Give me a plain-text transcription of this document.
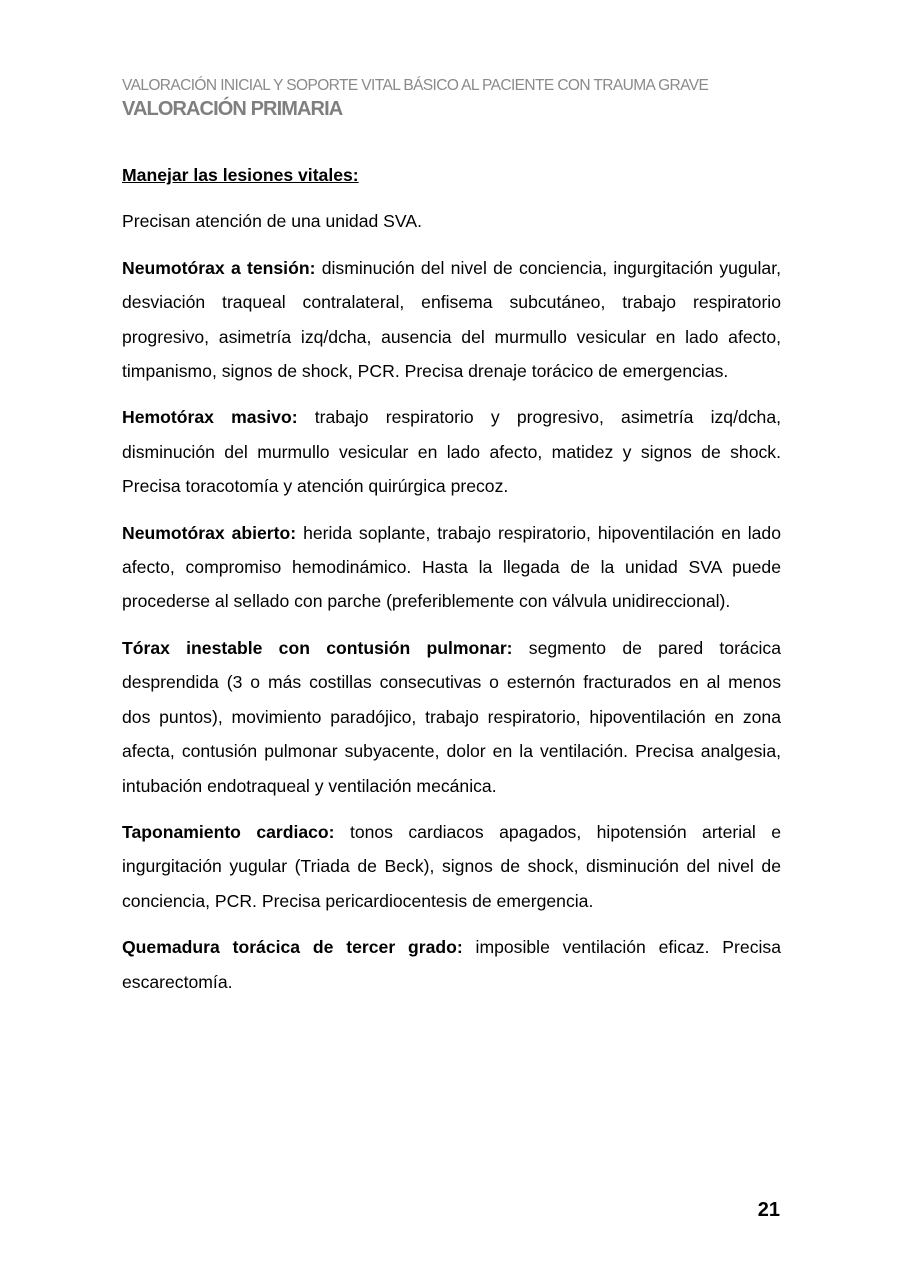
VALORACIÓN INICIAL Y SOPORTE VITAL BÁSICO AL PACIENTE CON TRAUMA GRAVE
VALORACIÓN PRIMARIA
Manejar las lesiones vitales:

Precisan atención de una unidad SVA.

Neumotórax a tensión: disminución del nivel de conciencia, ingurgitación yugular, desviación traqueal contralateral, enfisema subcutáneo, trabajo respiratorio progresivo, asimetría izq/dcha, ausencia del murmullo vesicular en lado afecto, timpanismo, signos de shock, PCR. Precisa drenaje torácico de emergencias.

Hemotórax masivo: trabajo respiratorio y progresivo, asimetría izq/dcha, disminución del murmullo vesicular en lado afecto, matidez y signos de shock. Precisa toracotomía y atención quirúrgica precoz.

Neumotórax abierto: herida soplante, trabajo respiratorio, hipoventilación en lado afecto, compromiso hemodinámico. Hasta la llegada de la unidad SVA puede procederse al sellado con parche (preferiblemente con válvula unidireccional).

Tórax inestable con contusión pulmonar: segmento de pared torácica desprendida (3 o más costillas consecutivas o esternón fracturados en al menos dos puntos), movimiento paradójico, trabajo respiratorio, hipoventilación en zona afecta, contusión pulmonar subyacente, dolor en la ventilación. Precisa analgesia, intubación endotraqueal y ventilación mecánica.

Taponamiento cardiaco: tonos cardiacos apagados, hipotensión arterial e ingurgitación yugular (Triada de Beck), signos de shock, disminución del nivel de conciencia, PCR. Precisa pericardiocentesis de emergencia.

Quemadura torácica de tercer grado: imposible ventilación eficaz. Precisa escarectomía.

21
